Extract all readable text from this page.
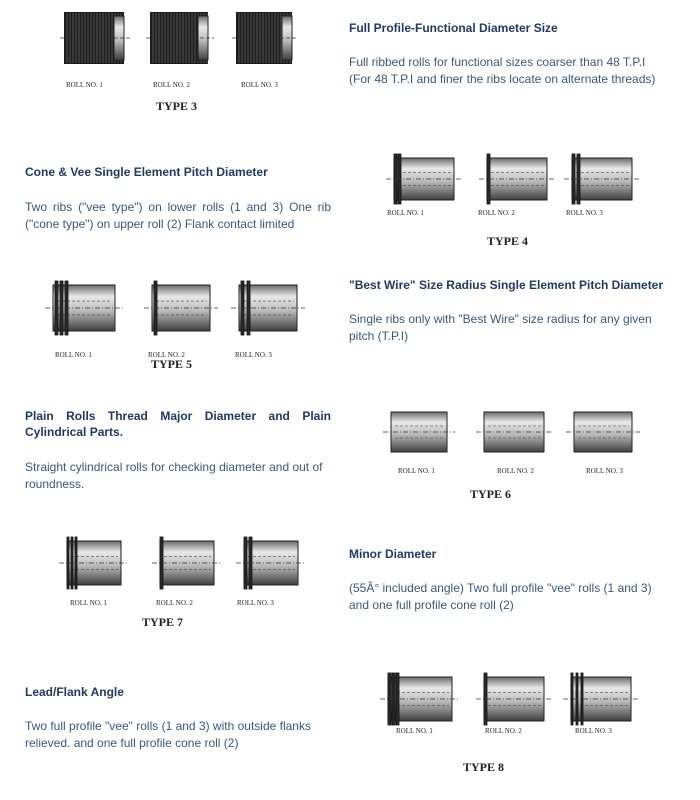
Full Profile-Functional Diameter Size

Full ribbed rolls for functional sizes coarser than 48 T.P.I (For 48 T.P.I and finer the ribs locate on alternate threads)

Cone & Vee Single Element Pitch Diameter

Two ribs ("vee type") on lower rolls (1 and 3) One rib ("cone type") on upper roll (2) Flank contact limited

"Best Wire" Size Radius Single Element Pitch Diameter

Single ribs only with "Best Wire" size radius for any given pitch (T.P.I)

Plain Rolls Thread Major Diameter and Plain Cylindrical Parts.

Straight cylindrical rolls for checking diameter and out of roundness.

Minor Diameter

(55Â° included angle) Two full profile "vee" rolls (1 and 3) and one full profile cone roll (2)

Lead/Flank Angle

Two full profile "vee" rolls (1 and 3) with outside flanks relieved. and one full profile cone roll (2)

ROLL NO. 1	ROLL NO. 2	ROLL NO. 3
TYPE 3
ROLL NO. 1	ROLL NO. 2	ROLL NO. 3
TYPE 4
ROLL NO. 1	ROLL NO. 2	ROLL NO. 3
TYPE 5
ROLL NO. 1	ROLL NO. 2	ROLL NO. 3
TYPE 6
ROLL NO. 1	ROLL NO. 2	ROLL NO. 3
TYPE 7
ROLL NO. 1	ROLL NO. 2	ROLL NO. 3
TYPE 8
